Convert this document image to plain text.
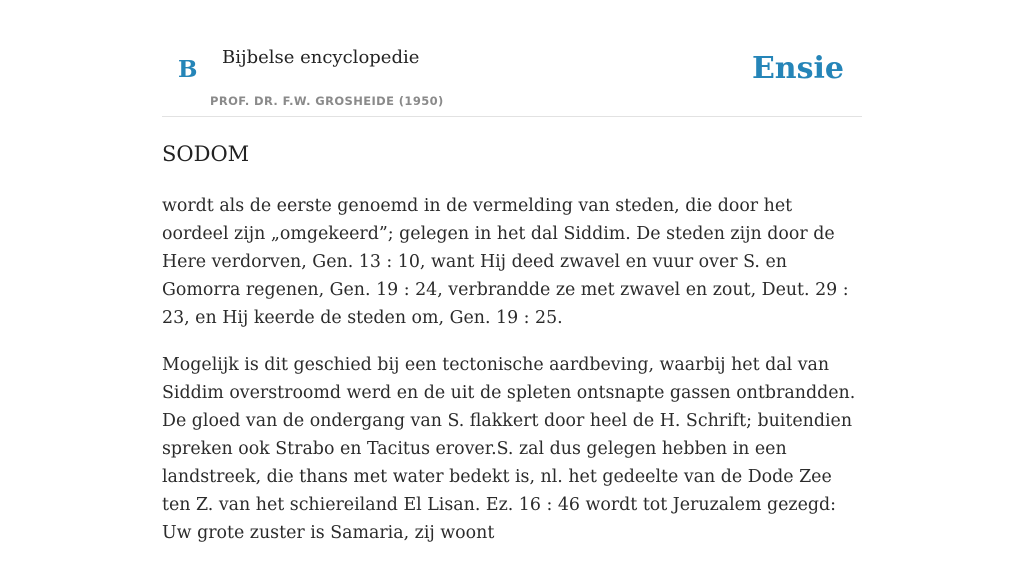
B Bijbelse encyclopedie
PROF. DR. F.W. GROSHEIDE (1950)
Ensie
SODOM

wordt als de eerste genoemd in de vermelding van steden, die door het oordeel zijn „omgekeerd”; gelegen in het dal Siddim. De steden zijn door de Here verdorven, Gen. 13 : 10, want Hij deed zwavel en vuur over S. en Gomorra regenen, Gen. 19 : 24, verbrandde ze met zwavel en zout, Deut. 29 : 23, en Hij keerde de steden om, Gen. 19 : 25.

Mogelijk is dit geschied bij een tectonische aardbeving, waarbij het dal van Siddim overstroomd werd en de uit de spleten ontsnapte gassen ontbrandden. De gloed van de ondergang van S. flakkert door heel de H. Schrift; buitendien spreken ook Strabo en Tacitus erover.S. zal dus gelegen hebben in een landstreek, die thans met water bedekt is, nl. het gedeelte van de Dode Zee ten Z. van het schiereiland El Lisan. Ez. 16 : 46 wordt tot Jeruzalem gezegd: Uw grote zuster is Samaria, zij woont
